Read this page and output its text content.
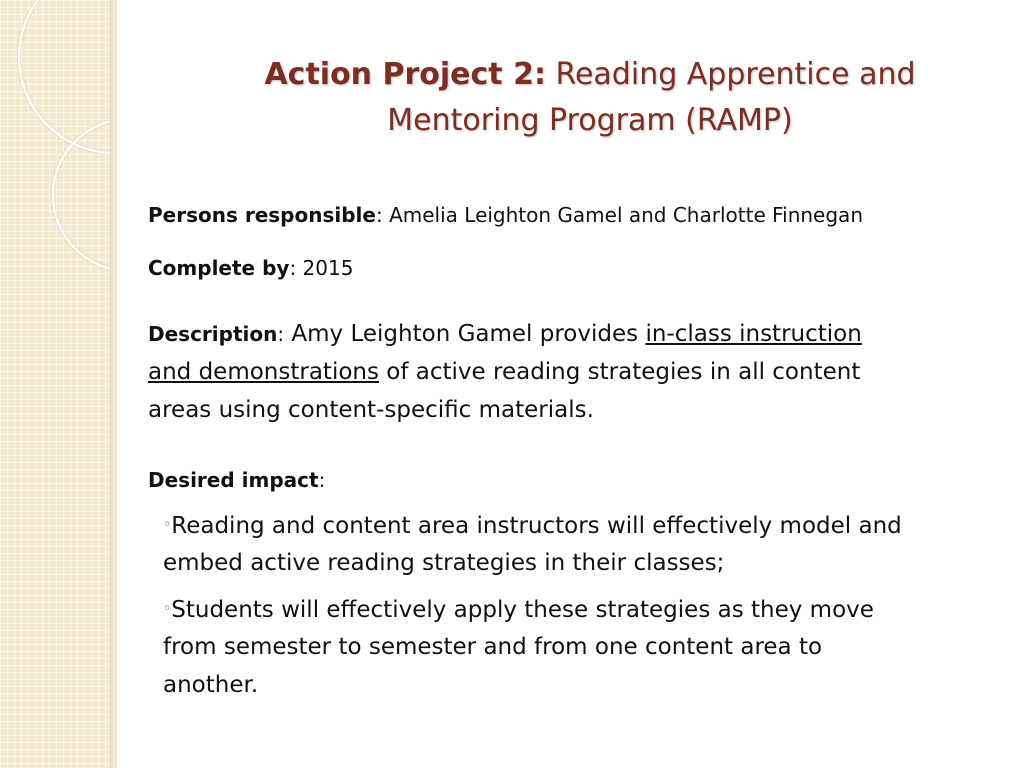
Action Project 2: Reading Apprentice and
Mentoring Program (RAMP)

Persons responsible: Amelia Leighton Gamel and Charlotte Finnegan

Complete by: 2015

Description: Amy Leighton Gamel provides in-class instruction

and demonstrations of active reading strategies in all content

areas using content-specific materials.

Desired impact:

◦Reading and content area instructors will effectively model and

embed active reading strategies in their classes;

◦Students will effectively apply these strategies as they move

from semester to semester and from one content area to

another.
